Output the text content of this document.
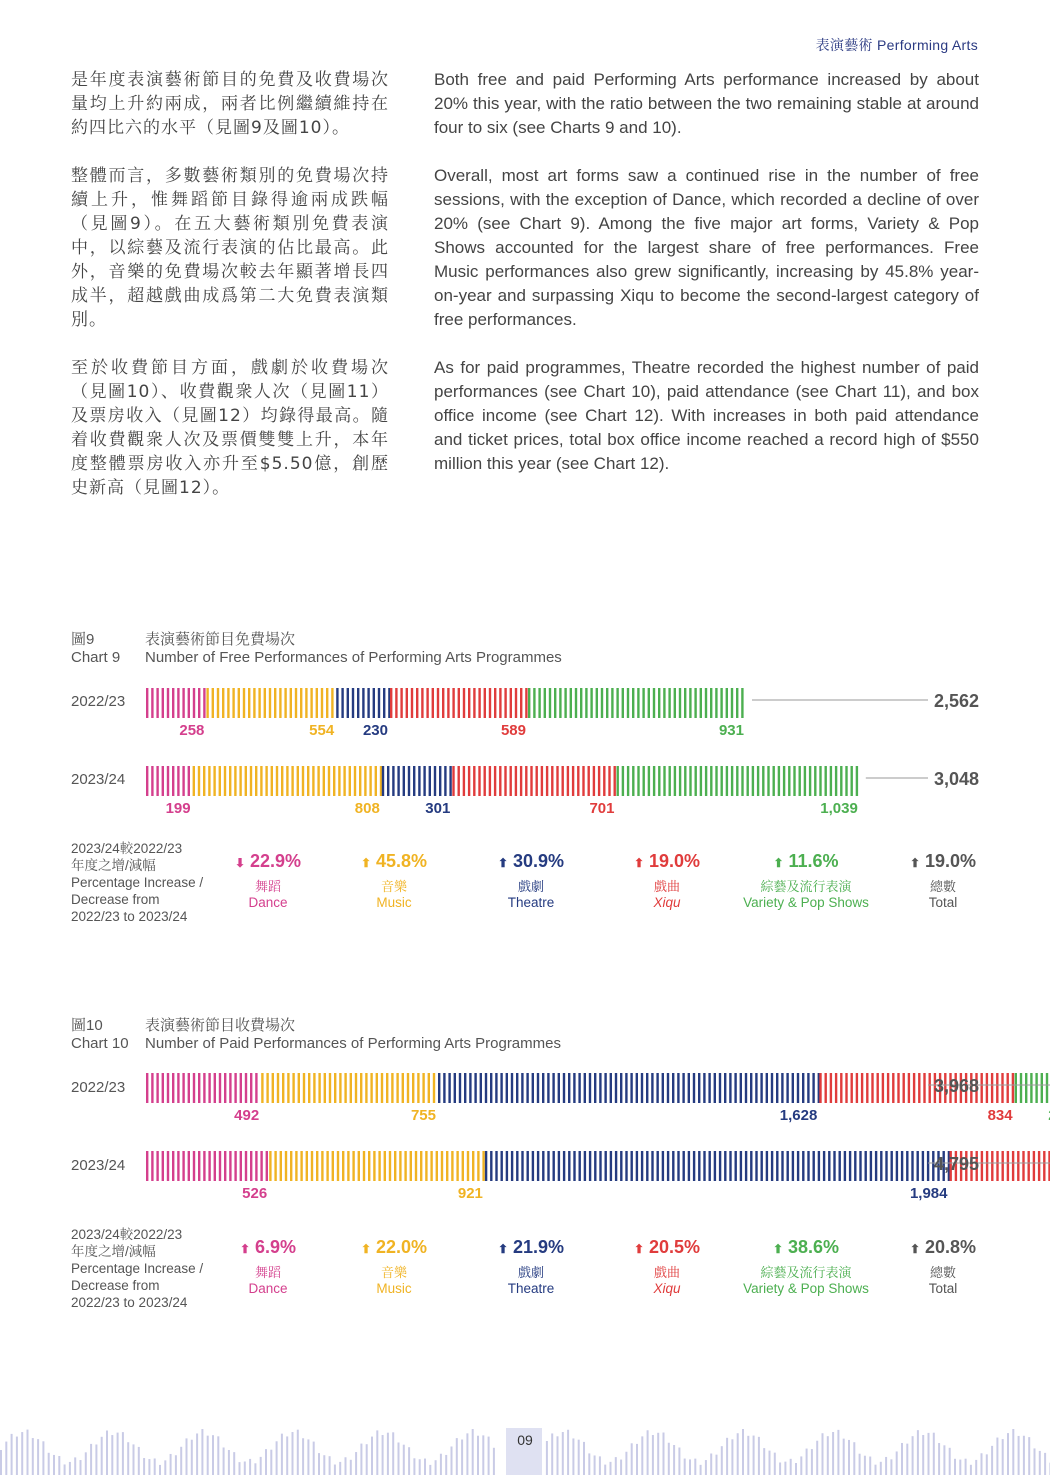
表演藝術 Performing Arts

是年度表演藝術節目的免費及收費場次量均上升約兩成，兩者比例繼續維持在約四比六的水平（見圖9及圖10）。

整體而言，多數藝術類別的免費場次持續上升，惟舞蹈節目錄得逾兩成跌幅（見圖9）。在五大藝術類別免費表演中，以綜藝及流行表演的佔比最高。此外，音樂的免費場次較去年顯著增長四成半，超越戲曲成爲第二大免費表演類別。

至於收費節目方面，戲劇於收費場次（見圖10）、收費觀衆人次（見圖11）及票房收入（見圖12）均錄得最高。隨着收費觀衆人次及票價雙雙上升，本年度整體票房收入亦升至$5.50億，創歷史新高（見圖12）。

Both free and paid Performing Arts performance increased by about 20% this year, with the ratio between the two remaining stable at around four to six (see Charts 9 and 10).

Overall, most art forms saw a continued rise in the number of free sessions, with the exception of Dance, which recorded a decline of over 20% (see Chart 9). Among the five major art forms, Variety & Pop Shows accounted for the largest share of free performances. Free Music performances also grew significantly, increasing by 45.8% year-on-year and surpassing Xiqu to become the second-largest category of free performances.

As for paid programmes, Theatre recorded the highest number of paid performances (see Chart 10), paid attendance (see Chart 11), and box office income (see Chart 12). With increases in both paid attendance and ticket prices, total box office income reached a record high of $550 million this year (see Chart 12).

圖9	表演藝術節目免費場次
Chart 9 Number of Free Performances of Performing Arts Programmes
2022/23
2023/24
2023/24較2022/23
年度之增/減幅
Percentage Increase /
Decrease from
2022/23 to 2023/24
⬇ 22.9%
舞蹈
Dance
⬆ 45.8%
音樂
Music
⬆ 30.9%
戲劇
Theatre
⬆ 19.0%
戲曲
Xiqu
⬆ 11.6%
綜藝及流行表演
Variety & Pop Shows
⬆ 19.0%
總數
Total
圖10	表演藝術節目收費場次
Chart 10 Number of Paid Performances of Performing Arts Programmes
2022/23
2023/24
2023/24較2022/23
年度之增/減幅
Percentage Increase /
Decrease from
2022/23 to 2023/24
⬆ 6.9%
舞蹈
Dance
⬆ 22.0%
音樂
Music
⬆ 21.9%
戲劇
Theatre
⬆ 20.5%
戲曲
Xiqu
⬆ 38.6%
綜藝及流行表演
Variety & Pop Shows
⬆ 20.8%
總數
Total
258	554 230	589	931
2,562
199	808	301	701	1,039
3,048
492	755	1,628	834
3,968
526	921	1,984
4,795
09
